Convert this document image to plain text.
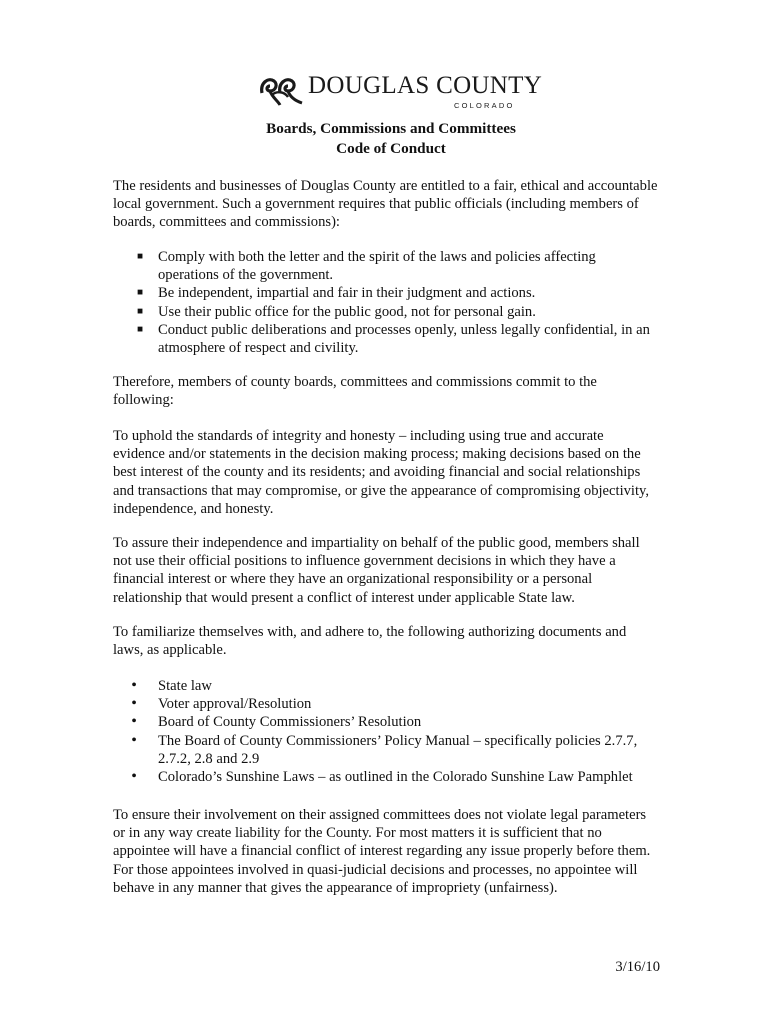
DOUGLAS COUNTY
COLORADO
Boards, Commissions and Committees
Code of Conduct

The residents and businesses of Douglas County are entitled to a fair, ethical and accountable local government. Such a government requires that public officials (including members of boards, committees and commissions):

■ Comply with both the letter and the spirit of the laws and policies affecting operations of the government.
■ Be independent, impartial and fair in their judgment and actions.
■ Use their public office for the public good, not for personal gain.
■ Conduct public deliberations and processes openly, unless legally confidential, in an atmosphere of respect and civility.

Therefore, members of county boards, committees and commissions commit to the following:

To uphold the standards of integrity and honesty – including using true and accurate evidence and/or statements in the decision making process; making decisions based on the best interest of the county and its residents; and avoiding financial and social relationships and transactions that may compromise, or give the appearance of compromising objectivity, independence, and honesty.

To assure their independence and impartiality on behalf of the public good, members shall not use their official positions to influence government decisions in which they have a financial interest or where they have an organizational responsibility or a personal relationship that would present a conflict of interest under applicable State law.

To familiarize themselves with, and adhere to, the following authorizing documents and laws, as applicable.

• State law
• Voter approval/Resolution
• Board of County Commissioners’ Resolution
• The Board of County Commissioners’ Policy Manual – specifically policies 2.7.7, 2.7.2, 2.8 and 2.9
• Colorado’s Sunshine Laws – as outlined in the Colorado Sunshine Law Pamphlet

To ensure their involvement on their assigned committees does not violate legal parameters or in any way create liability for the County. For most matters it is sufficient that no appointee will have a financial conflict of interest regarding any issue properly before them. For those appointees involved in quasi-judicial decisions and processes, no appointee will behave in any manner that gives the appearance of impropriety (unfairness).

3/16/10
